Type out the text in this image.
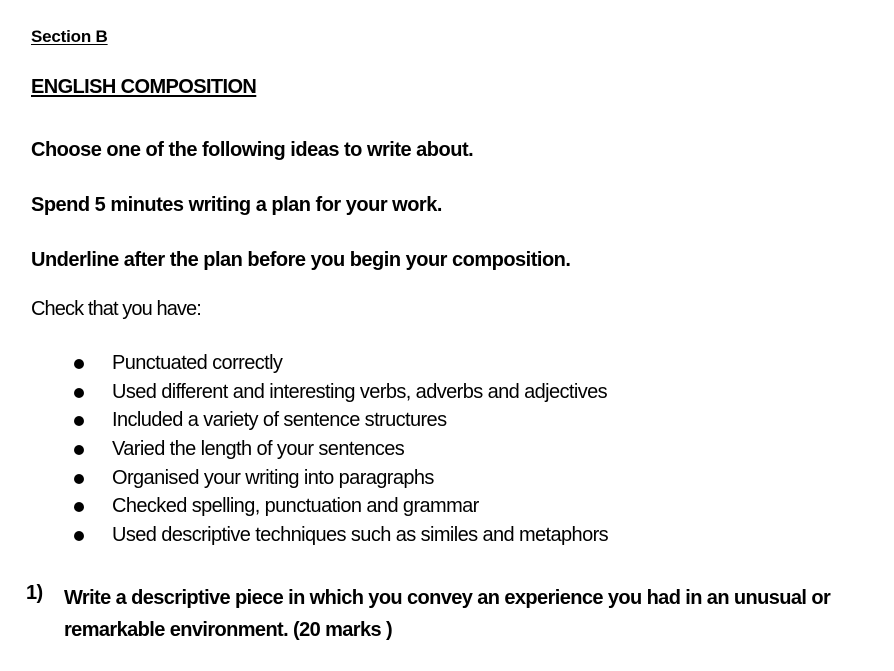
Section B
ENGLISH COMPOSITION
Choose one of the following ideas to write about.
Spend 5 minutes writing a plan for your work.
Underline after the plan before you begin your composition.
Check that you have:
Punctuated correctly
Used different and interesting verbs, adverbs and adjectives
Included a variety of sentence structures
Varied the length of your sentences
Organised your writing into paragraphs
Checked spelling, punctuation and grammar
Used descriptive techniques such as similes and metaphors
1) Write a descriptive piece in which you convey an experience you had in an unusual or remarkable environment. (20 marks )
